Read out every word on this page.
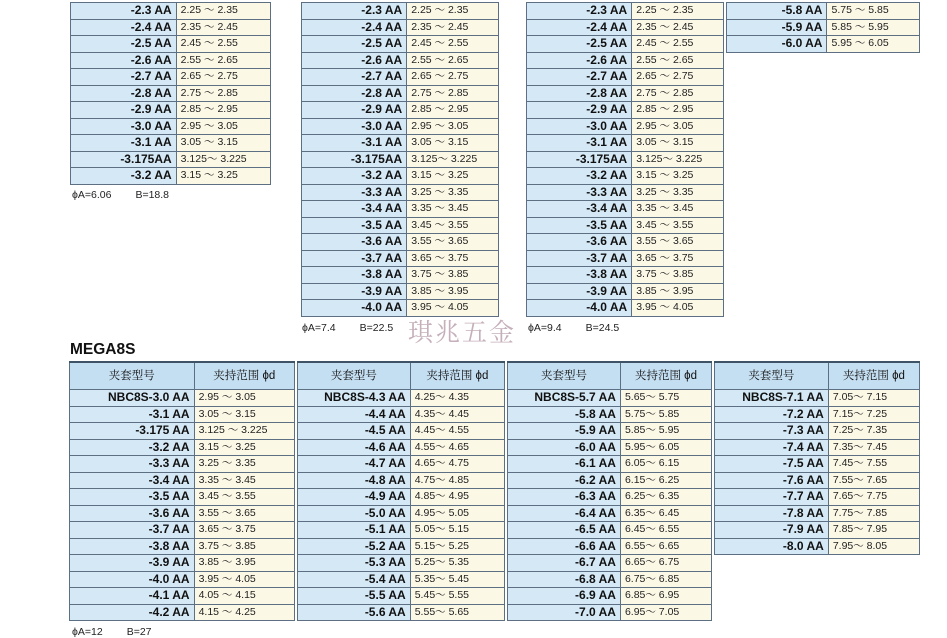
-2.3 AA	2.25 ～ 2.35
-2.4 AA	2.35 ～ 2.45
-2.5 AA	2.45 ～ 2.55
-2.6 AA	2.55 ～ 2.65
-2.7 AA	2.65 ～ 2.75
-2.8 AA	2.75 ～ 2.85
-2.9 AA	2.85 ～ 2.95
-3.0 AA	2.95 ～ 3.05
-3.1 AA	3.05 ～ 3.15
-3.175AA	3.125～ 3.225
-3.2 AA	3.15 ～ 3.25
ϕA=6.06 B=18.8
-2.3 AA	2.25 ～ 2.35
-2.4 AA	2.35 ～ 2.45
-2.5 AA	2.45 ～ 2.55
-2.6 AA	2.55 ～ 2.65
-2.7 AA	2.65 ～ 2.75
-2.8 AA	2.75 ～ 2.85
-2.9 AA	2.85 ～ 2.95
-3.0 AA	2.95 ～ 3.05
-3.1 AA	3.05 ～ 3.15
-3.175AA	3.125～ 3.225
-3.2 AA	3.15 ～ 3.25
-3.3 AA	3.25 ～ 3.35
-3.4 AA	3.35 ～ 3.45
-3.5 AA	3.45 ～ 3.55
-3.6 AA	3.55 ～ 3.65
-3.7 AA	3.65 ～ 3.75
-3.8 AA	3.75 ～ 3.85
-3.9 AA	3.85 ～ 3.95
-4.0 AA	3.95 ～ 4.05
ϕA=7.4 B=22.5
-2.3 AA	2.25 ～ 2.35
-2.4 AA	2.35 ～ 2.45
-2.5 AA	2.45 ～ 2.55
-2.6 AA	2.55 ～ 2.65
-2.7 AA	2.65 ～ 2.75
-2.8 AA	2.75 ～ 2.85
-2.9 AA	2.85 ～ 2.95
-3.0 AA	2.95 ～ 3.05
-3.1 AA	3.05 ～ 3.15
-3.175AA	3.125～ 3.225
-3.2 AA	3.15 ～ 3.25
-3.3 AA	3.25 ～ 3.35
-3.4 AA	3.35 ～ 3.45
-3.5 AA	3.45 ～ 3.55
-3.6 AA	3.55 ～ 3.65
-3.7 AA	3.65 ～ 3.75
-3.8 AA	3.75 ～ 3.85
-3.9 AA	3.85 ～ 3.95
-4.0 AA	3.95 ～ 4.05
ϕA=9.4 B=24.5
-5.8 AA	5.75 ～ 5.85
-5.9 AA	5.85 ～ 5.95
-6.0 AA	5.95 ～ 6.05
琪兆五金
MEGA8S
夹套型号	夹持范围 ϕd
NBC8S-3.0 AA	2.95 ～ 3.05
-3.1 AA	3.05 ～ 3.15
-3.175 AA	3.125 ～ 3.225
-3.2 AA	3.15 ～ 3.25
-3.3 AA	3.25 ～ 3.35
-3.4 AA	3.35 ～ 3.45
-3.5 AA	3.45 ～ 3.55
-3.6 AA	3.55 ～ 3.65
-3.7 AA	3.65 ～ 3.75
-3.8 AA	3.75 ～ 3.85
-3.9 AA	3.85 ～ 3.95
-4.0 AA	3.95 ～ 4.05
-4.1 AA	4.05 ～ 4.15
-4.2 AA	4.15 ～ 4.25
ϕA=12 B=27
夹套型号	夹持范围 ϕd
NBC8S-4.3 AA	4.25～ 4.35
-4.4 AA	4.35～ 4.45
-4.5 AA	4.45～ 4.55
-4.6 AA	4.55～ 4.65
-4.7 AA	4.65～ 4.75
-4.8 AA	4.75～ 4.85
-4.9 AA	4.85～ 4.95
-5.0 AA	4.95～ 5.05
-5.1 AA	5.05～ 5.15
-5.2 AA	5.15～ 5.25
-5.3 AA	5.25～ 5.35
-5.4 AA	5.35～ 5.45
-5.5 AA	5.45～ 5.55
-5.6 AA	5.55～ 5.65
夹套型号	夹持范围 ϕd
NBC8S-5.7 AA	5.65～ 5.75
-5.8 AA	5.75～ 5.85
-5.9 AA	5.85～ 5.95
-6.0 AA	5.95～ 6.05
-6.1 AA	6.05～ 6.15
-6.2 AA	6.15～ 6.25
-6.3 AA	6.25～ 6.35
-6.4 AA	6.35～ 6.45
-6.5 AA	6.45～ 6.55
-6.6 AA	6.55～ 6.65
-6.7 AA	6.65～ 6.75
-6.8 AA	6.75～ 6.85
-6.9 AA	6.85～ 6.95
-7.0 AA	6.95～ 7.05
夹套型号	夹持范围 ϕd
NBC8S-7.1 AA	7.05～ 7.15
-7.2 AA	7.15～ 7.25
-7.3 AA	7.25～ 7.35
-7.4 AA	7.35～ 7.45
-7.5 AA	7.45～ 7.55
-7.6 AA	7.55～ 7.65
-7.7 AA	7.65～ 7.75
-7.8 AA	7.75～ 7.85
-7.9 AA	7.85～ 7.95
-8.0 AA	7.95～ 8.05
